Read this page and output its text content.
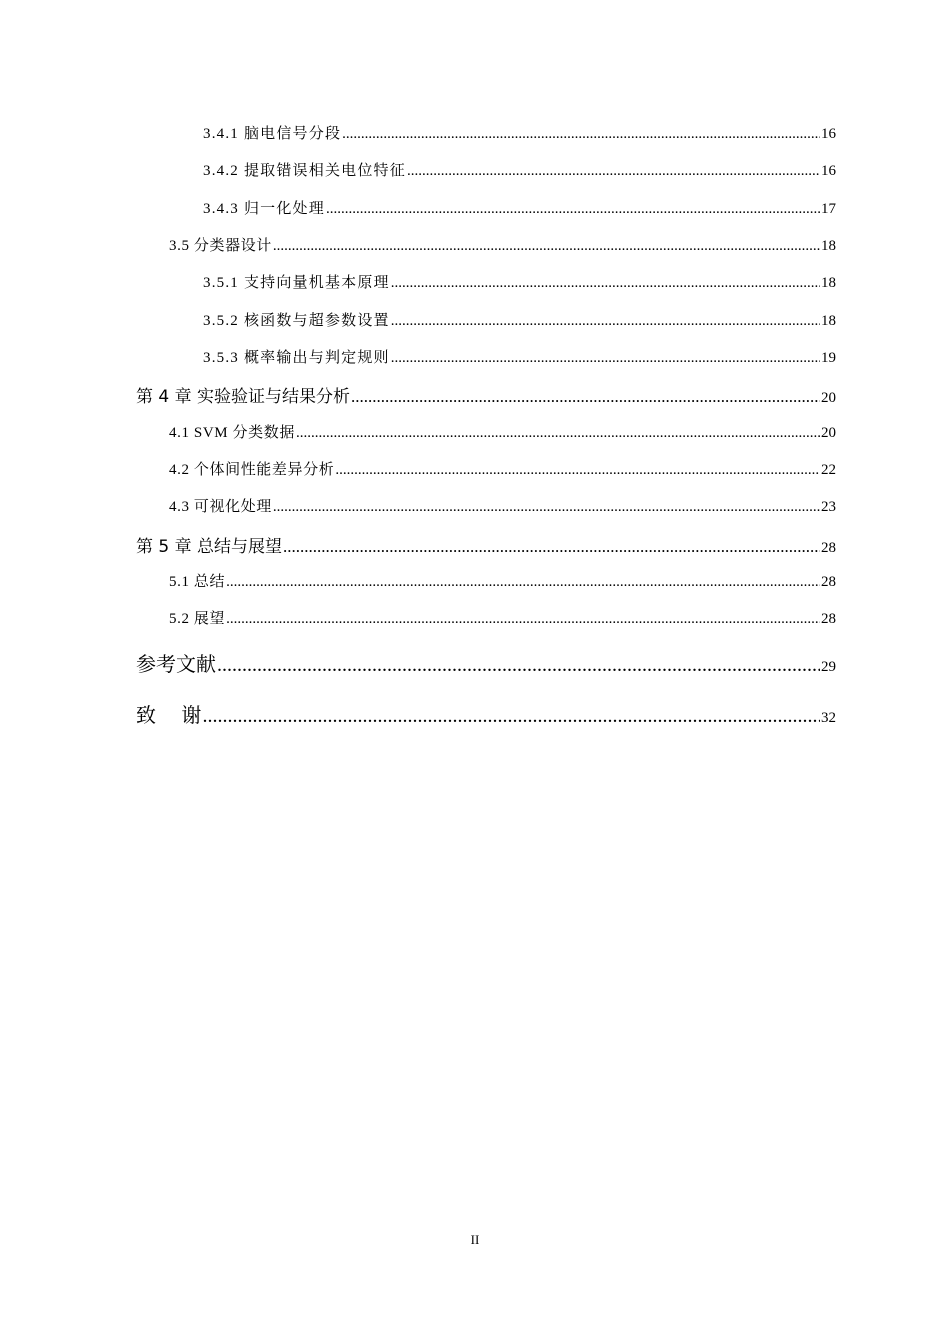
3.4.1 脑电信号分段 .....	16
3.4.2 提取错误相关电位特征 .....	16
3.4.3 归一化处理 .....	17
3.5 分类器设计 .....	18
3.5.1 支持向量机基本原理 .....	18
3.5.2 核函数与超参数设置 .....	18
3.5.3 概率输出与判定规则 .....	19
第 4 章 实验验证与结果分析 .....	20
4.1 SVM 分类数据 .....	20
4.2 个体间性能差异分析 .....	22
4.3 可视化处理 .....	23
第 5 章 总结与展望 .....	28
5.1 总结 .....	28
5.2 展望 .....	28
参考文献 .....	29
致    谢 .....	32
II
